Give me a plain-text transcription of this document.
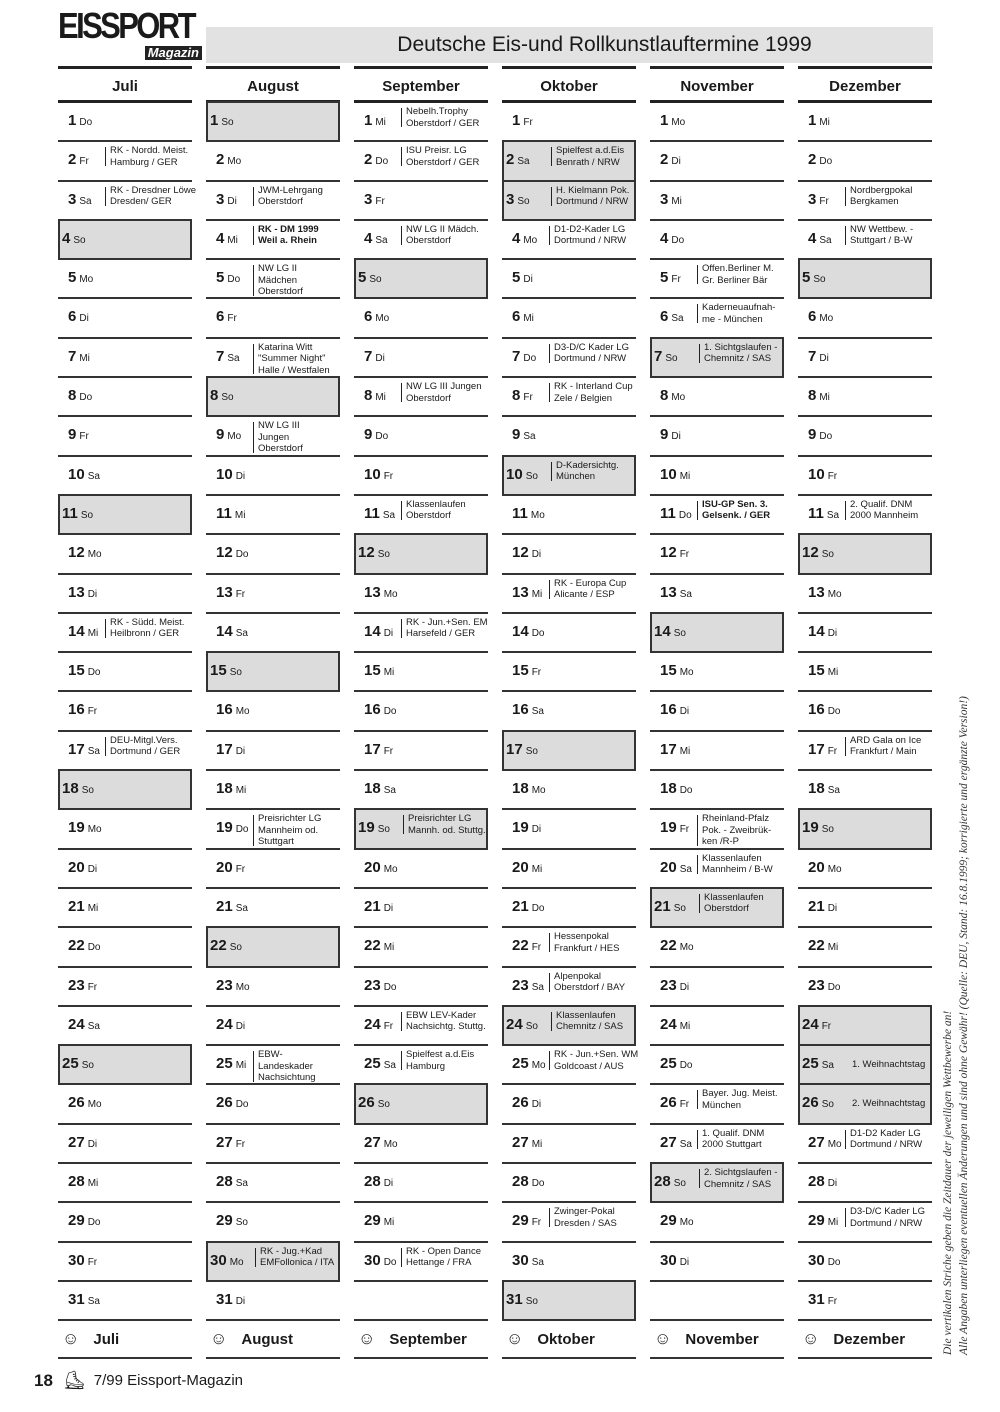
EISSPORT
Magazin	Deutsche Eis-und Rollkunstlauftermine 1999
Juli
1 Do
2 Fr
RK - Nordd. Meist.
Hamburg / GER
3 Sa
RK - Dresdner Löwe
Dresden/ GER
4 So
5 Mo
6 Di
7 Mi
8 Do
9 Fr
10 Sa
11 So
12 Mo
13 Di
14 Mi
RK - Südd. Meist.
Heilbronn / GER
15 Do
16 Fr
17 Sa
DEU-Mitgl.Vers.
Dortmund / GER
18 So
19 Mo
20 Di
21 Mi
22 Do
23 Fr
24 Sa
25 So
26 Mo
27 Di
28 Mi
29 Do
30 Fr
31 Sa
☺ Juli
August
1 So
2 Mo
3 Di
JWM-Lehrgang
Oberstdorf
4 Mi
RK - DM 1999
Weil a. Rhein
5 Do
NW LG II
Mädchen
Oberstdorf
6 Fr
7 Sa
Katarina Witt
"Summer Night"
Halle / Westfalen
8 So
9 Mo
NW LG III
Jungen
Oberstdorf
10 Di
11 Mi
12 Do
13 Fr
14 Sa
15 So
16 Mo
17 Di
18 Mi
19 Do
Preisrichter LG
Mannheim od.
Stuttgart
20 Fr
21 Sa
22 So
23 Mo
24 Di
25 Mi
EBW-
Landeskader
Nachsichtung
26 Do
27 Fr
28 Sa
29 So
30 Mo
RK - Jug.+Kad
EMFollonica / ITA
31 Di
☺ August
September
1 Mi
Nebelh.Trophy
Oberstdorf / GER
2 Do
ISU Preisr. LG
Oberstdorf / GER
3 Fr
4 Sa
NW LG II Mädch.
Oberstdorf
5 So
6 Mo
7 Di
8 Mi
NW LG III Jungen
Oberstdorf
9 Do
10 Fr
11 Sa
Klassenlaufen
Oberstdorf
12 So
13 Mo
14 Di
RK - Jun.+Sen. EM
Harsefeld / GER
15 Mi
16 Do
17 Fr
18 Sa
19 So
Preisrichter LG
Mannh. od. Stuttg.
20 Mo
21 Di
22 Mi
23 Do
24 Fr
EBW LEV-Kader
Nachsichtg. Stuttg.
25 Sa
Spielfest a.d.Eis
Hamburg
26 So
27 Mo
28 Di
29 Mi
30 Do
RK - Open Dance
Hettange / FRA
☺ September
Oktober
1 Fr
2 Sa
Spielfest a.d.Eis
Benrath / NRW
3 So
H. Kielmann Pok.
Dortmund / NRW
4 Mo
D1-D2-Kader LG
Dortmund / NRW
5 Di
6 Mi
7 Do
D3-D/C Kader LG
Dortmund / NRW
8 Fr
RK - Interland Cup
Zele / Belgien
9 Sa
10 So
D-Kadersichtg.
München
11 Mo
12 Di
13 Mi
RK - Europa Cup
Alicante / ESP
14 Do
15 Fr
16 Sa
17 So
18 Mo
19 Di
20 Mi
21 Do
22 Fr
Hessenpokal
Frankfurt / HES
23 Sa
Alpenpokal
Oberstdorf / BAY
24 So
Klassenlaufen
Chemnitz / SAS
25 Mo
RK - Jun.+Sen. WM
Goldcoast / AUS
26 Di
27 Mi
28 Do
29 Fr
Zwinger-Pokal
Dresden / SAS
30 Sa
31 So
☺ Oktober
November
1 Mo
2 Di
3 Mi
4 Do
5 Fr
Offen.Berliner M.
Gr. Berliner Bär
6 Sa
Kaderneuaufnah-
me - München
7 So
1. Sichtgslaufen -
Chemnitz / SAS
8 Mo
9 Di
10 Mi
11 Do
ISU-GP Sen. 3.
Gelsenk. / GER
12 Fr
13 Sa
14 So
15 Mo
16 Di
17 Mi
18 Do
19 Fr
Rheinland-Pfalz
Pok. - Zweibrük-
ken /R-P
20 Sa
Klassenlaufen
Mannheim / B-W
21 So
Klassenlaufen
Oberstdorf
22 Mo
23 Di
24 Mi
25 Do
26 Fr
Bayer. Jug. Meist.
München
27 Sa
1. Qualif. DNM
2000 Stuttgart
28 So
2. Sichtgslaufen -
Chemnitz / SAS
29 Mo
30 Di
☺ November
Dezember
1 Mi
2 Do
3 Fr
Nordbergpokal
Bergkamen
4 Sa
NW Wettbew. -
Stuttgart / B-W
5 So
6 Mo
7 Di
8 Mi
9 Do
10 Fr
11 Sa
2. Qualif. DNM
2000 Mannheim
12 So
13 Mo
14 Di
15 Mi
16 Do
17 Fr
ARD Gala on Ice
Frankfurt / Main
18 Sa
19 So
20 Mo
21 Di
22 Mi
23 Do
24 Fr
25 Sa 1. Weihnachtstag
26 So 2. Weihnachtstag
27 Mo
D1-D2 Kader LG
Dortmund / NRW
28 Di
29 Mi
D3-D/C Kader LG
Dortmund / NRW
30 Do
31 Fr
☺ Dezember
18 ⛸ 7/99 Eissport-Magazin
Die vertikalen Striche geben die Zeitdauer der jeweiligen Wettbewerbe an! Alle Angaben unterliegen eventuellen Änderungen und sind ohne Gewähr! (Quelle: DEU, Stand: 16.8.1999; korrigierte und ergänzte Version!)
